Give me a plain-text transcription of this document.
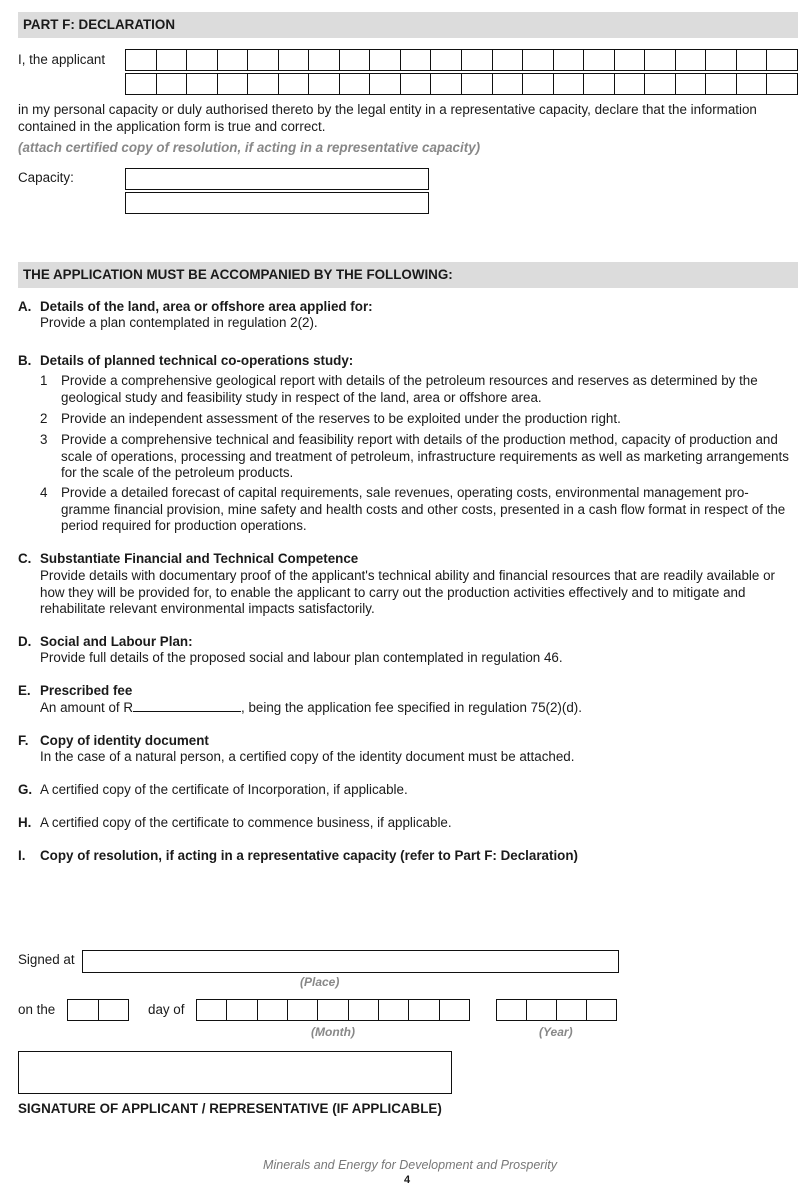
PART F: DECLARATION
I, the applicant
in my personal capacity or duly authorised thereto by the legal entity in a representative capacity, declare that the information contained in the application form is true and correct.
(attach certified copy of resolution, if acting in a representative capacity)
Capacity:
THE APPLICATION MUST BE ACCOMPANIED BY THE FOLLOWING:
A. Details of the land, area or offshore area applied for:
Provide a plan contemplated in regulation 2(2).
B. Details of planned technical co-operations study:
1 Provide a comprehensive geological report with details of the petroleum resources and reserves as determined by the geological study and feasibility study in respect of the land, area or offshore area.
2 Provide an independent assessment of the reserves to be exploited under the production right.
3 Provide a comprehensive technical and feasibility report with details of the production method, capacity of production and scale of operations, processing and treatment of petroleum, infrastructure requirements as well as marketing arrangements for the scale of the petroleum products.
4 Provide a detailed forecast of capital requirements, sale revenues, operating costs, environmental management pro-gramme financial provision, mine safety and health costs and other costs, presented in a cash flow format in respect of the period required for production operations.
C. Substantiate Financial and Technical Competence
Provide details with documentary proof of the applicant's technical ability and financial resources that are readily available or how they will be provided for, to enable the applicant to carry out the production activities effectively and to mitigate and rehabilitate relevant environmental impacts satisfactorily.
D. Social and Labour Plan:
Provide full details of the proposed social and labour plan contemplated in regulation 46.
E. Prescribed fee
An amount of R	, being the application fee specified in regulation 75(2)(d).
F. Copy of identity document
In the case of a natural person, a certified copy of the identity document must be attached.
G. A certified copy of the certificate of Incorporation, if applicable.
H. A certified copy of the certificate to commence business, if applicable.
I. Copy of resolution, if acting in a representative capacity (refer to Part F: Declaration)
Signed at
(Place)
on the	day of
(Month)	(Year)
SIGNATURE OF APPLICANT / REPRESENTATIVE (IF APPLICABLE)
Minerals and Energy for Development and Prosperity
4
